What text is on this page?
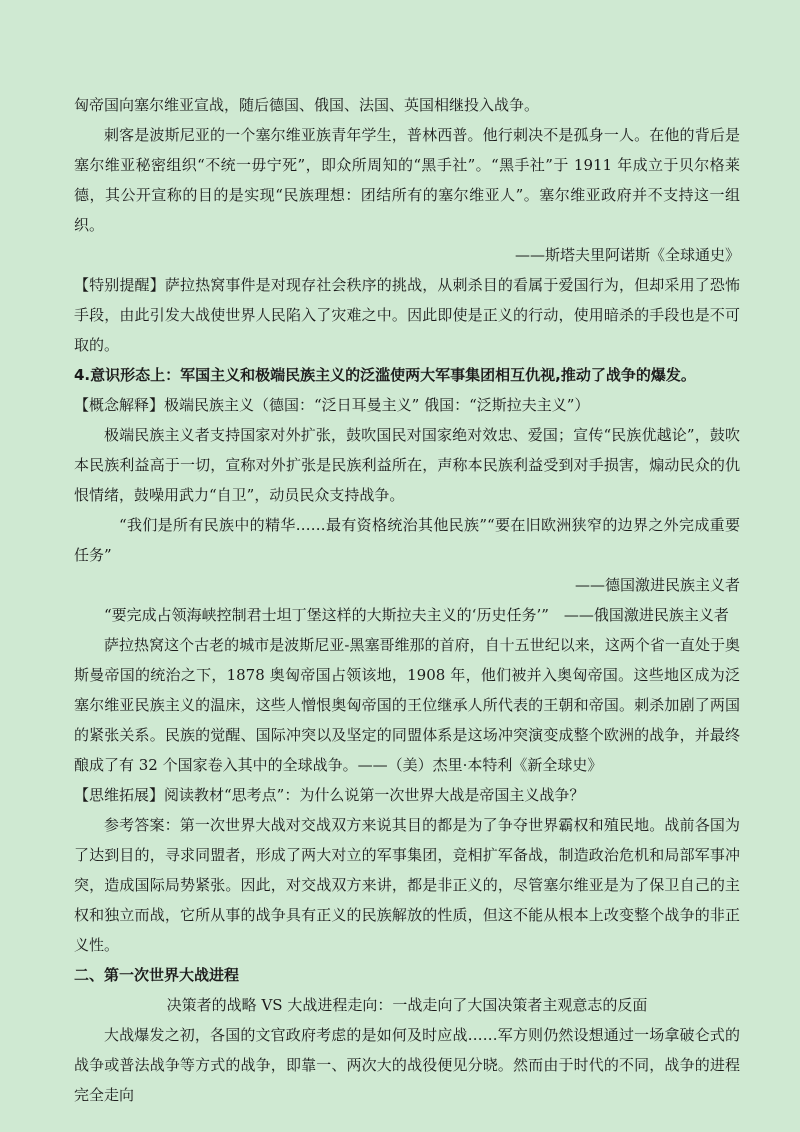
匈帝国向塞尔维亚宣战，随后德国、俄国、法国、英国相继投入战争。

刺客是波斯尼亚的一个塞尔维亚族青年学生，普林西普。他行刺决不是孤身一人。在他的背后是塞尔维亚秘密组织“不统一毋宁死”，即众所周知的“黑手社”。“黑手社”于 1911 年成立于贝尔格莱德，其公开宣称的目的是实现“民族理想：团结所有的塞尔维亚人”。塞尔维亚政府并不支持这一组织。

——斯塔夫里阿诺斯《全球通史》

【特别提醒】萨拉热窝事件是对现存社会秩序的挑战，从刺杀目的看属于爱国行为，但却采用了恐怖手段，由此引发大战使世界人民陷入了灾难之中。因此即使是正义的行动，使用暗杀的手段也是不可取的。

4.意识形态上：军国主义和极端民族主义的泛滥使两大军事集团相互仇视,推动了战争的爆发。

【概念解释】极端民族主义（德国：“泛日耳曼主义” 俄国：“泛斯拉夫主义”）

极端民族主义者支持国家对外扩张，鼓吹国民对国家绝对效忠、爱国；宣传“民族优越论”，鼓吹本民族利益高于一切，宣称对外扩张是民族利益所在，声称本民族利益受到对手损害，煽动民众的仇恨情绪，鼓噪用武力“自卫”，动员民众支持战争。

“我们是所有民族中的精华……最有资格统治其他民族”“要在旧欧洲狭窄的边界之外完成重要任务”

——德国激进民族主义者

“要完成占领海峡控制君士坦丁堡这样的大斯拉夫主义的‘历史任务’”　——俄国激进民族主义者

萨拉热窝这个古老的城市是波斯尼亚-黑塞哥维那的首府，自十五世纪以来，这两个省一直处于奥斯曼帝国的统治之下，1878 奥匈帝国占领该地，1908 年，他们被并入奥匈帝国。这些地区成为泛塞尔维亚民族主义的温床，这些人憎恨奥匈帝国的王位继承人所代表的王朝和帝国。刺杀加剧了两国的紧张关系。民族的觉醒、国际冲突以及坚定的同盟体系是这场冲突演变成整个欧洲的战争，并最终酿成了有 32 个国家卷入其中的全球战争。——（美）杰里·本特利《新全球史》

【思维拓展】阅读教材“思考点”：为什么说第一次世界大战是帝国主义战争？

参考答案：第一次世界大战对交战双方来说其目的都是为了争夺世界霸权和殖民地。战前各国为了达到目的，寻求同盟者，形成了两大对立的军事集团，竞相扩军备战，制造政治危机和局部军事冲突，造成国际局势紧张。因此，对交战双方来讲，都是非正义的，尽管塞尔维亚是为了保卫自己的主权和独立而战，它所从事的战争具有正义的民族解放的性质，但这不能从根本上改变整个战争的非正义性。

二、第一次世界大战进程

决策者的战略 VS 大战进程走向：一战走向了大国决策者主观意志的反面

大战爆发之初，各国的文官政府考虑的是如何及时应战……军方则仍然设想通过一场拿破仑式的战争或普法战争等方式的战争，即靠一、两次大的战役便见分晓。然而由于时代的不同，战争的进程完全走向
